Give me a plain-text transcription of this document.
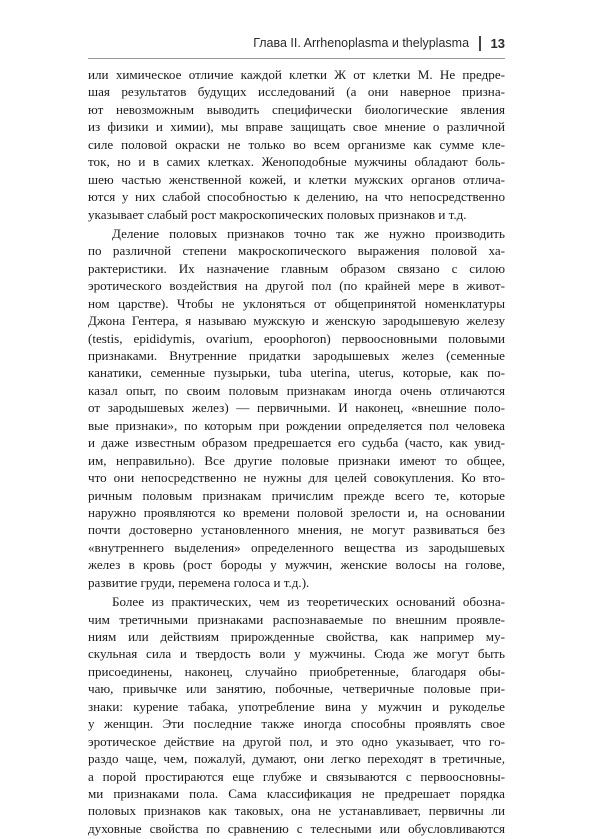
Глава II. Arrhenoplasma и thelyplasma 13
или химическое отличие каждой клетки Ж от клетки М. Не предре-
шая результатов будущих исследований (а они наверное призна-
ют невозможным выводить специфически биологические явления
из физики и химии), мы вправе защищать свое мнение о различной
силе половой окраски не только во всем организме как сумме кле-
ток, но и в самих клетках. Женоподобные мужчины обладают боль-
шею частью женственной кожей, и клетки мужских органов отлича-
ются у них слабой способностью к делению, на что непосредственно
указывает слабый рост макроскопических половых признаков и т.д.
Деление половых признаков точно так же нужно производить
по различной степени макроскопического выражения половой ха-
рактеристики. Их назначение главным образом связано с силою
эротического воздействия на другой пол (по крайней мере в живот-
ном царстве). Чтобы не уклоняться от общепринятой номенклатуры
Джона Гентера, я называю мужскую и женскую зародышевую железу
(testis, epididymis, ovarium, epoophoron) первоосновными половыми
признаками. Внутренние придатки зародышевых желез (семенные
канатики, семенные пузырьки, tuba uterina, uterus, которые, как по-
казал опыт, по своим половым признакам иногда очень отличаются
от зародышевых желез) — первичными. И наконец, «внешние поло-
вые признаки», по которым при рождении определяется пол человека
и даже известным образом предрешается его судьба (часто, как увид-
им, неправильно). Все другие половые признаки имеют то общее,
что они непосредственно не нужны для целей совокупления. Ко вто-
ричным половым признакам причислим прежде всего те, которые
наружно проявляются ко времени половой зрелости и, на основании
почти достоверно установленного мнения, не могут развиваться без
«внутреннего выделения» определенного вещества из зародышевых
желез в кровь (рост бороды у мужчин, женские волосы на голове,
развитие груди, перемена голоса и т.д.).
Более из практических, чем из теоретических оснований обозна-
чим третичными признаками распознаваемые по внешним проявле-
ниям или действиям прирожденные свойства, как например му-
скульная сила и твердость воли у мужчины. Сюда же могут быть
присоединены, наконец, случайно приобретенные, благодаря обы-
чаю, привычке или занятию, побочные, четверичные половые при-
знаки: курение табака, употребление вина у мужчин и рукоделье
у женщин. Эти последние также иногда способны проявлять свое
эротическое действие на другой пол, и это одно указывает, что го-
раздо чаще, чем, пожалуй, думают, они легко переходят в третичные,
а порой простираются еще глубже и связываются с первоосновны-
ми признаками пола. Сама классификация не предрешает порядка
половых признаков как таковых, она не устанавливает, первичны ли
духовные свойства по сравнению с телесными или обусловливаются
